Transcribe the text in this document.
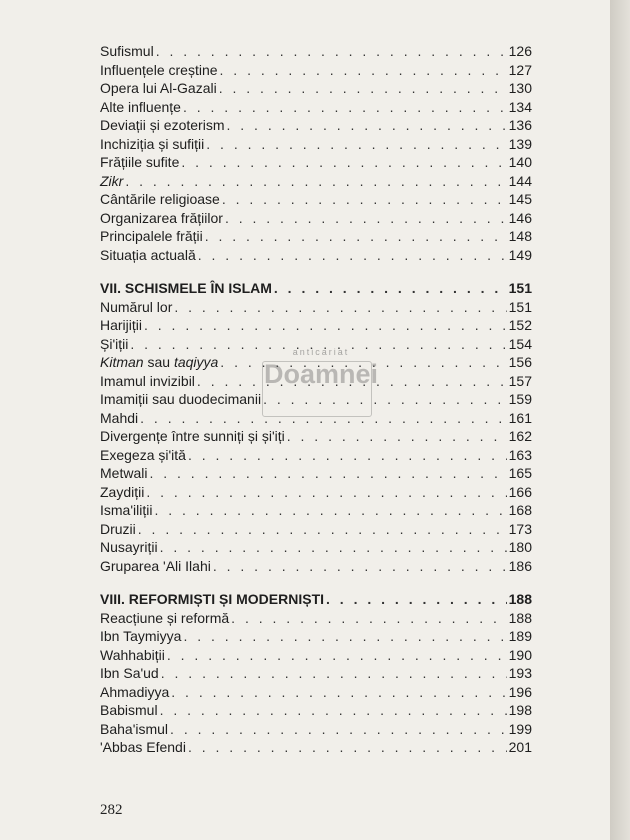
Sufismul . . .	126
Influențele creștine . . .	127
Opera lui Al-Gazali . . .	130
Alte influențe . . .	134
Deviații și ezoterism . . .	136
Inchiziția și sufiții . . .	139
Frățiile sufite . . .	140
Zikr . . .	144
Cântările religioase . . .	145
Organizarea frățiilor . . .	146
Principalele frății . . .	148
Situația actuală . . .	149
VII. SCHISMELE ÎN ISLAM . . .	151
Numărul lor . . .	151
Harijiții . . .	152
Și'iții . . .	154
Kitman sau taqiyya . . .	156
Imamul invizibil . . .	157
Imamiții sau duodecimanii . . .	159
Mahdi . . .	161
Divergențe între sunniți și și'iți . . .	162
Exegeza și'ită . . .	163
Metwali . . .	165
Zaydiții . . .	166
Isma'iliții . . .	168
Druzii . . .	173
Nusayriții . . .	180
Gruparea 'Ali Ilahi . . .	186
VIII. REFORMIȘTI ȘI MODERNIȘTI . . .	188
Reacțiune și reformă . . .	188
Ibn Taymiyya . . .	189
Wahhabiții . . .	190
Ibn Sa'ud . . .	193
Ahmadiyya . . .	196
Babismul . . .	198
Baha'ismul . . .	199
'Abbas Efendi . . .	201
282
anticariat
Doamnei
